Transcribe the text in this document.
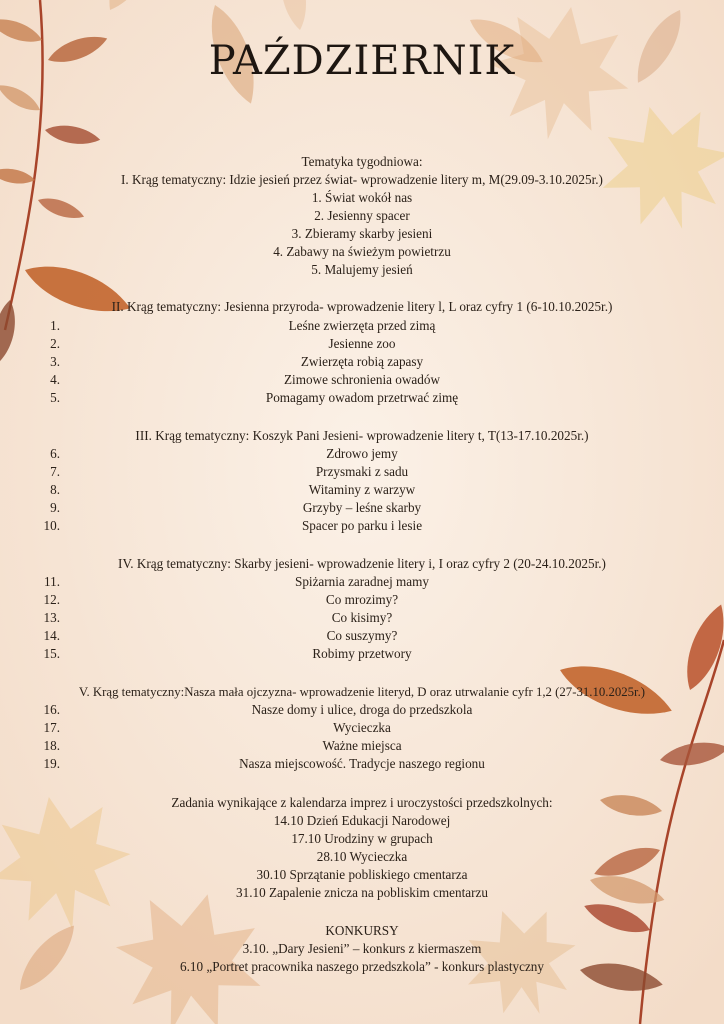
PAŹDZIERNIK
Tematyka tygodniowa:
I. Krąg tematyczny: Idzie jesień przez świat- wprowadzenie litery m, M(29.09-3.10.2025r.)
1. Świat wokół nas
2. Jesienny spacer
3. Zbieramy skarby jesieni
4. Zabawy na świeżym powietrzu
5. Malujemy jesień
II. Krąg tematyczny: Jesienna przyroda- wprowadzenie litery l, L oraz cyfry 1 (6-10.10.2025r.)
1.	Leśne zwierzęta przed zimą
2.	Jesienne zoo
3.	Zwierzęta robią zapasy
4.	Zimowe schronienia owadów
5.	Pomagamy owadom przetrwać zimę
III. Krąg tematyczny: Koszyk Pani Jesieni- wprowadzenie litery t, T(13-17.10.2025r.)
6.	Zdrowo jemy
7.	Przysmaki z sadu
8.	Witaminy z warzyw
9.	Grzyby – leśne skarby
10.	Spacer po parku i lesie
IV. Krąg tematyczny: Skarby jesieni- wprowadzenie litery i, I oraz cyfry 2 (20-24.10.2025r.)
11.	Spiżarnia zaradnej mamy
12.	Co mrozimy?
13.	Co kisimy?
14.	Co suszymy?
15.	Robimy przetwory
V. Krąg tematyczny:Nasza mała ojczyzna- wprowadzenie literyd, D oraz utrwalanie cyfr 1,2 (27-31.10.2025r.)
16.	Nasze domy i ulice, droga do przedszkola
17.	Wycieczka
18.	Ważne miejsca
19.	Nasza miejscowość. Tradycje naszego regionu
Zadania wynikające z kalendarza imprez i uroczystości przedszkolnych:
14.10 Dzień Edukacji Narodowej
17.10 Urodziny w grupach
28.10 Wycieczka
30.10 Sprzątanie pobliskiego cmentarza
31.10 Zapalenie znicza na pobliskim cmentarzu
KONKURSY
3.10. „Dary Jesieni” – konkurs z kiermaszem
6.10 „Portret pracownika naszego przedszkola” - konkurs plastyczny
